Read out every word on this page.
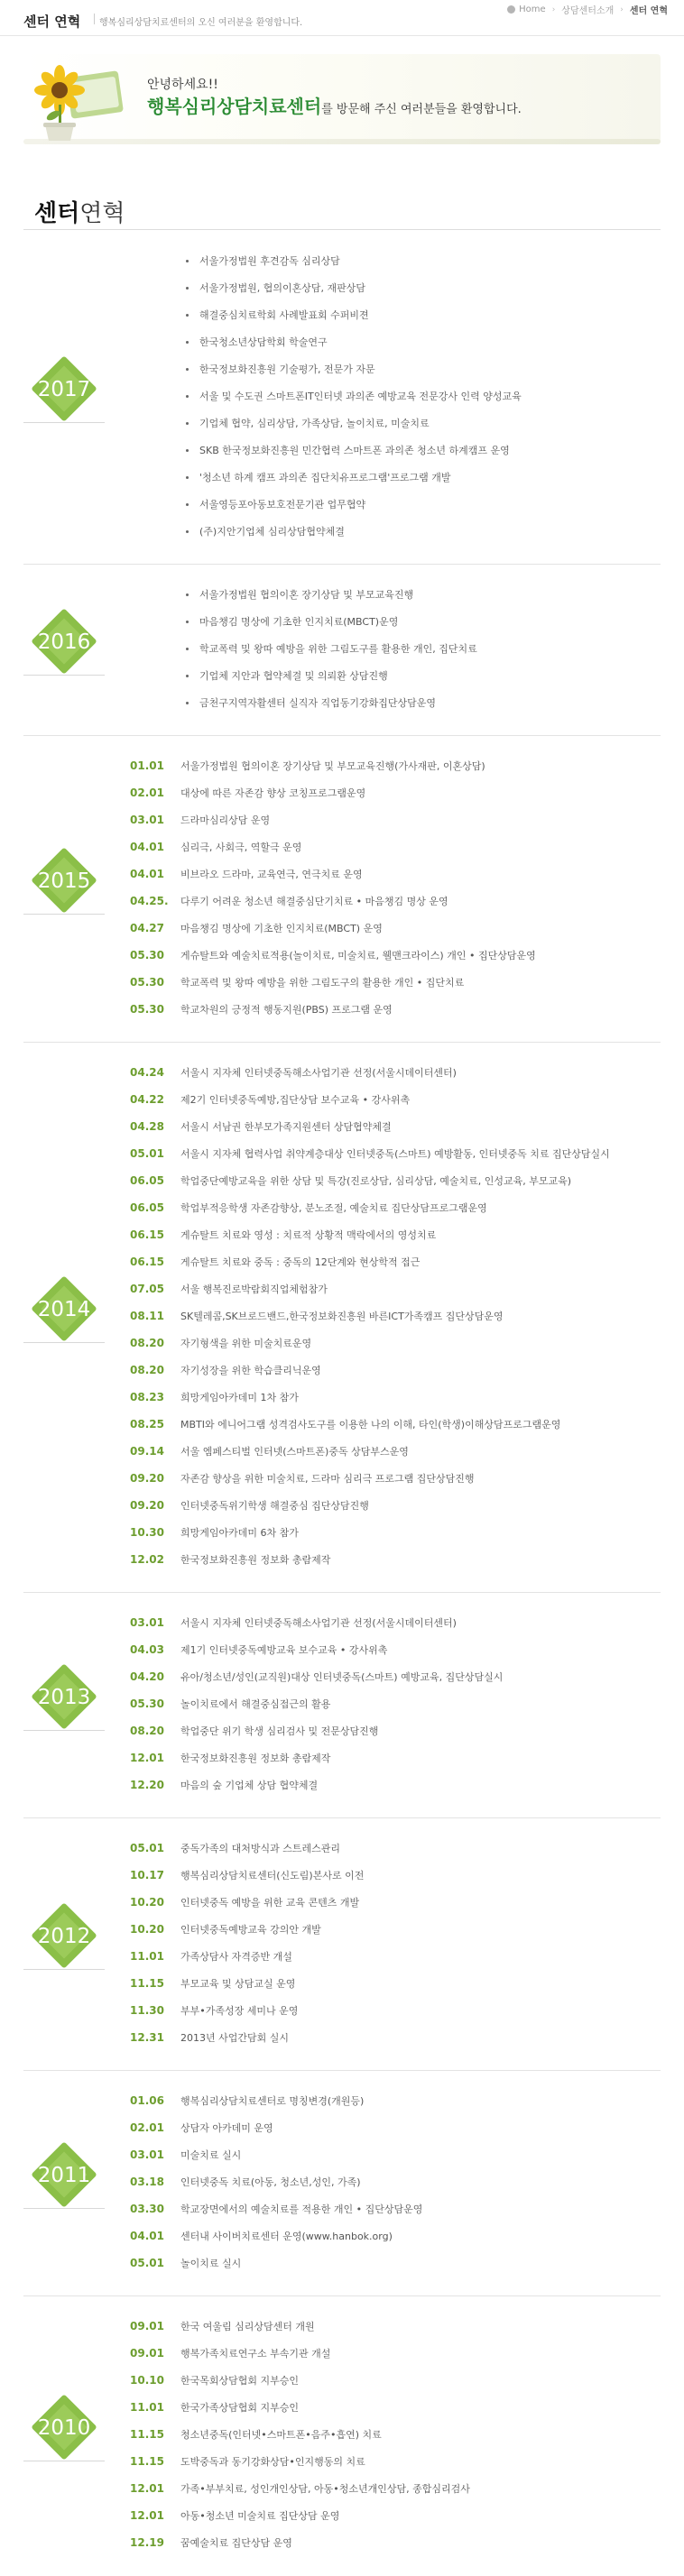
센터 연혁 행복심리상담치료센터의 오신 여러분을 환영합니다.
Home › 상담센터소개 › 센터 연혁
안녕하세요!!
행복심리상담치료센터를 방문해 주신 여러분들을 환영합니다.
센터연혁
2017
서울가정법원 후견감독 심리상담
서울가정법원, 협의이혼상담, 재판상담
해결중심치료학회 사례발표회 수퍼비젼
한국청소년상담학회 학술연구
한국정보화진흥원 기술평가, 전문가 자문
서울 및 수도권 스마트폰IT인터넷 과의존 예방교육 전문강사 인력 양성교육
기업체 협약, 심리상담, 가족상담, 놀이치료, 미술치료
SKB 한국정보화진흥원 민간협력 스마트폰 과의존 청소년 하계캠프 운영
'청소년 하계 캠프 과의존 집단치유프로그램'프로그램 개발
서울영등포아동보호전문기관 업무협약
(주)지안기업체 심리상담협약체결
2016
서울가정법원 협의이혼 장기상담 및 부모교육진행
마음챙김 명상에 기초한 인지치료(MBCT)운영
학교폭력 및 왕따 예방을 위한 그림도구를 활용한 개인, 집단치료
기업체 지안과 협약체결 및 의뢰환 상담진행
금천구지역자활센터 실직자 직업동기강화집단상담운영
2015
01.01	서울가정법원 협의이혼 장기상담 및 부모교육진행(가사재판, 이혼상담)
02.01	대상에 따른 자존감 향상 코칭프로그램운영
03.01	드라마심리상담 운영
04.01	심리극, 사회극, 역할극 운영
04.01	비브라오 드라마, 교육연극, 연극치료 운영
04.25.	다루기 어려운 청소년 해결중심단기치료 • 마음챙김 명상 운영
04.27	마음챙김 명상에 기초한 인지치료(MBCT) 운영
05.30	게슈탈트와 예술치료적용(놀이치료, 미술치료, 웰맨크라이스) 개인 • 집단상담운영
05.30	학교폭력 및 왕따 예방을 위한 그림도구의 활용한 개인 • 집단치료
05.30	학교차원의 긍정적 행동지원(PBS) 프로그램 운영
2014
04.24	서울시 지자체 인터넷중독해소사업기관 선정(서울시데이터센터)
04.22	제2기 인터넷중독예방,집단상담 보수교육 • 강사위촉
04.28	서울시 서남권 한부모가족지원센터 상담협약체결
05.01	서울시 지자체 협력사업 취약계층대상 인터넷중독(스마트) 예방활동, 인터넷중독 치료 집단상담실시
06.05	학업중단예방교육을 위한 상담 및 특강(진로상담, 심리상담, 예술치료, 인성교육, 부모교육)
06.05	학업부적응학생 자존감향상, 분노조절, 예술치료 집단상담프로그램운영
06.15	게슈탈트 치료와 영성 : 치료적 상황적 맥락에서의 영성치료
06.15	게슈탈트 치료와 중독 : 중독의 12단계와 현상학적 접근
07.05	서울 행복진로박람회직업체험참가
08.11	SK텔레콤,SK브로드밴드,한국정보화진흥원 바른ICT가족캠프 집단상담운영
08.20	자기형색을 위한 미술치료운영
08.20	자기성장을 위한 학습클리닉운영
08.23	희망게임아카데미 1차 참가
08.25	MBTI와 에니어그램 성격검사도구를 이용한 나의 이해, 타인(학생)이해상담프로그램운영
09.14	서울 엠페스티벌 인터넷(스마트폰)중독 상담부스운영
09.20	자존감 향상을 위한 미술치료, 드라마 심리극 프로그램 집단상담진행
09.20	인터넷중독위기학생 해결중심 집단상담진행
10.30	희망게임아카데미 6차 참가
12.02	한국정보화진흥원 정보화 총람제작
2013
03.01	서울시 지자체 인터넷중독해소사업기관 선정(서울시데이터센터)
04.03	제1기 인터넷중독예방교육 보수교육 • 강사위촉
04.20	유아/청소년/성인(교직원)대상 인터넷중독(스마트) 예방교육, 집단상담실시
05.30	놀이치료에서 해결중심접근의 활용
08.20	학업중단 위기 학생 심리검사 및 전문상담진행
12.01	한국정보화진흥원 정보화 총람제작
12.20	마음의 숲 기업체 상담 협약체결
2012
05.01	중독가족의 대처방식과 스트레스관리
10.17	행복심리상담치료센터(신도림)본사로 이전
10.20	인터넷중독 예방을 위한 교육 콘텐츠 개발
10.20	인터넷중독예방교육 강의안 개발
11.01	가족상담사 자격증반 개설
11.15	부모교육 및 상담교실 운영
11.30	부부•가족성장 세미나 운영
12.31	2013년 사업간담회 실시
2011
01.06	행복심리상담치료센터로 명칭변경(개원등)
02.01	상담자 아카데미 운영
03.01	미술치료 실시
03.18	인터넷중독 치료(아동, 청소년,성인, 가족)
03.30	학교장면에서의 예술치료를 적용한 개인 • 집단상담운영
04.01	센터내 사이버치료센터 운영(www.hanbok.org)
05.01	놀이치료 실시
2010
09.01	한국 여울림 심리상담센터 개원
09.01	행복가족치료연구소 부속기관 개설
10.10	한국목회상담협회 지부승인
11.01	한국가족상담협회 지부승인
11.15	청소년중독(인터넷•스마트폰•음주•흡연) 치료
11.15	도박중독과 동기강화상담•인지행동의 치료
12.01	가족•부부치료, 성인개인상담, 아동•청소년개인상담, 종합심리검사
12.01	아동•청소년 미술치료 집단상담 운영
12.19	꿈예술치료 집단상담 운영
